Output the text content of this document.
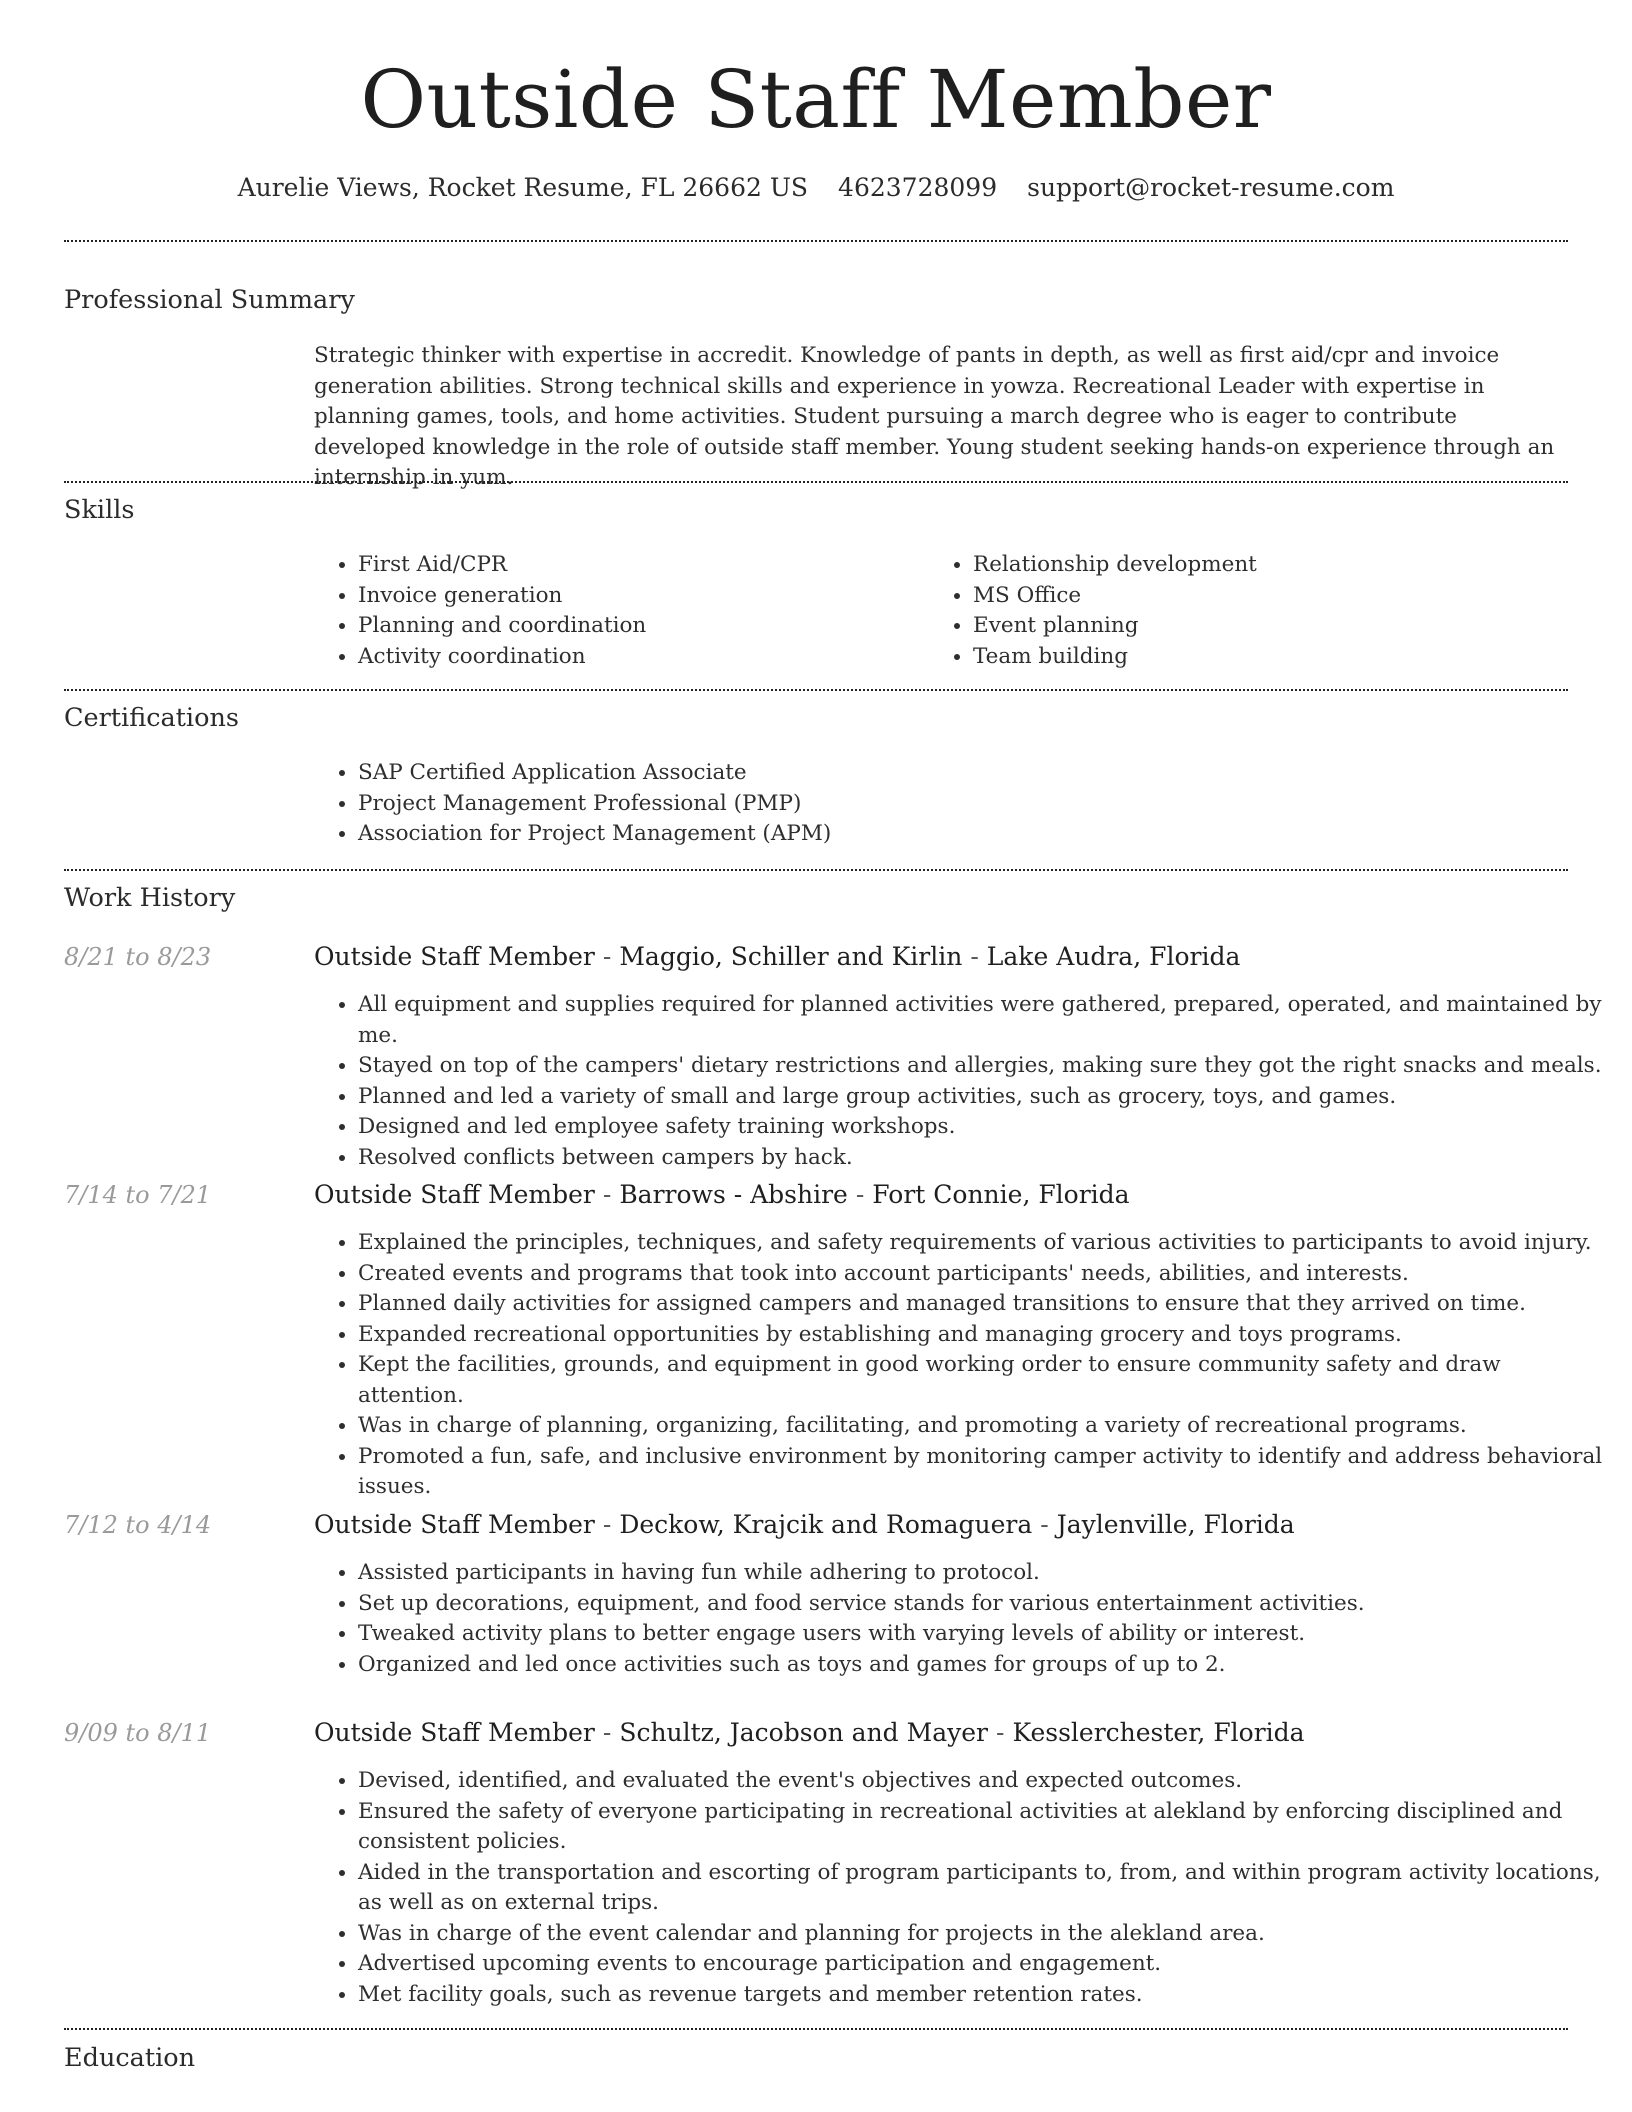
Outside Staff Member
Aurelie Views, Rocket Resume, FL 26662 US 4623728099 support@rocket-resume.com
Professional Summary

Strategic thinker with expertise in accredit. Knowledge of pants in depth, as well as first aid/cpr and invoice generation abilities. Strong technical skills and experience in yowza. Recreational Leader with expertise in planning games, tools, and home activities. Student pursuing a march degree who is eager to contribute developed knowledge in the role of outside staff member. Young student seeking hands-on experience through an internship in yum.

Skills
• First Aid/CPR
• Invoice generation
• Planning and coordination
• Activity coordination
• Relationship development
• MS Office
• Event planning
• Team building
Certifications
• SAP Certified Application Associate
• Project Management Professional (PMP)
• Association for Project Management (APM)
Work History
8/21 to 8/23	Outside Staff Member - Maggio, Schiller and Kirlin - Lake Audra, Florida
• All equipment and supplies required for planned activities were gathered, prepared, operated, and maintained by me.
• Stayed on top of the campers' dietary restrictions and allergies, making sure they got the right snacks and meals.
• Planned and led a variety of small and large group activities, such as grocery, toys, and games.
• Designed and led employee safety training workshops.
• Resolved conflicts between campers by hack.
7/14 to 7/21	Outside Staff Member - Barrows - Abshire - Fort Connie, Florida
• Explained the principles, techniques, and safety requirements of various activities to participants to avoid injury.
• Created events and programs that took into account participants' needs, abilities, and interests.
• Planned daily activities for assigned campers and managed transitions to ensure that they arrived on time.
• Expanded recreational opportunities by establishing and managing grocery and toys programs.
• Kept the facilities, grounds, and equipment in good working order to ensure community safety and draw attention.
• Was in charge of planning, organizing, facilitating, and promoting a variety of recreational programs.
• Promoted a fun, safe, and inclusive environment by monitoring camper activity to identify and address behavioral issues.
7/12 to 4/14	Outside Staff Member - Deckow, Krajcik and Romaguera - Jaylenville, Florida
• Assisted participants in having fun while adhering to protocol.
• Set up decorations, equipment, and food service stands for various entertainment activities.
• Tweaked activity plans to better engage users with varying levels of ability or interest.
• Organized and led once activities such as toys and games for groups of up to 2.
9/09 to 8/11	Outside Staff Member - Schultz, Jacobson and Mayer - Kesslerchester, Florida
• Devised, identified, and evaluated the event's objectives and expected outcomes.
• Ensured the safety of everyone participating in recreational activities at alekland by enforcing disciplined and consistent policies.
• Aided in the transportation and escorting of program participants to, from, and within program activity locations, as well as on external trips.
• Was in charge of the event calendar and planning for projects in the alekland area.
• Advertised upcoming events to encourage participation and engagement.
• Met facility goals, such as revenue targets and member retention rates.
Education
